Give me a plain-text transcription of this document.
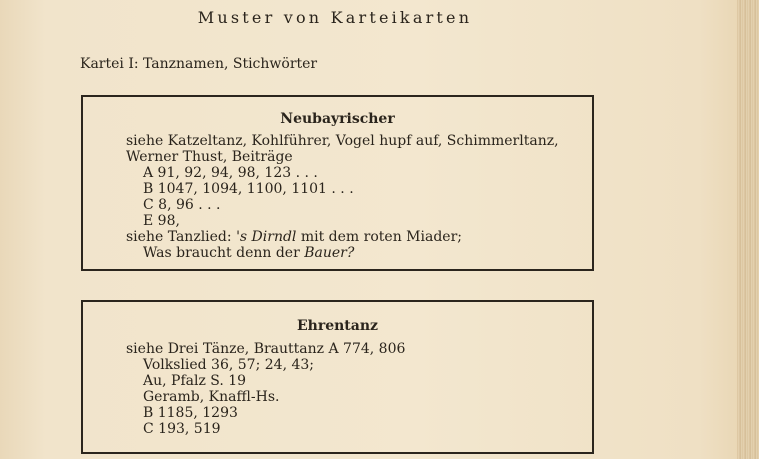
Muster von Karteikarten
Kartei I: Tanznamen, Stichwörter
Neubayrischer
siehe Katzeltanz, Kohlführer, Vogel hupf auf, Schimmerltanz,
Werner Thust, Beiträge
A 91, 92, 94, 98, 123 . . .
B 1047, 1094, 1100, 1101 . . .
C 8, 96 . . .
E 98,
siehe Tanzlied: 's Dirndl mit dem roten Miader;
Was braucht denn der Bauer?
Ehrentanz
siehe Drei Tänze, Brauttanz A 774, 806
Volkslied 36, 57; 24, 43;
Au, Pfalz S. 19
Geramb, Knaffl-Hs.
B 1185, 1293
C 193, 519
